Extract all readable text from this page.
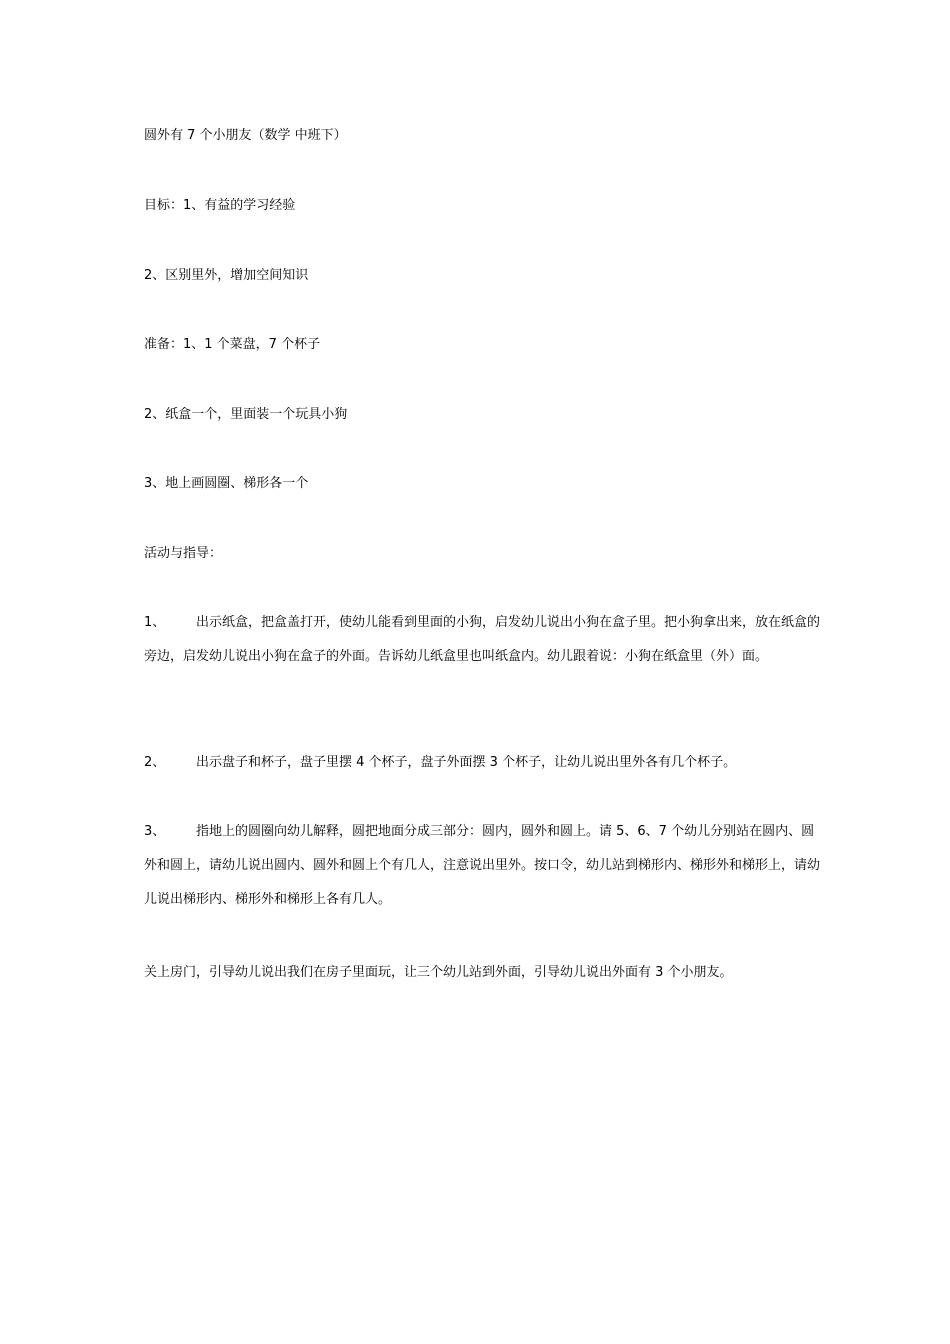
圆外有 7 个小朋友（数学 中班下）
目标：1、有益的学习经验
2、区别里外，增加空间知识
准备：1、1 个菜盘，7 个杯子
2、纸盒一个，里面装一个玩具小狗
3、地上画圆圈、梯形各一个
活动与指导：
1、 出示纸盒，把盒盖打开，使幼儿能看到里面的小狗，启发幼儿说出小狗在盒子里。把小狗拿出来，放在纸盒的旁边，启发幼儿说出小狗在盒子的外面。告诉幼儿纸盒里也叫纸盒内。幼儿跟着说：小狗在纸盒里（外）面。
2、 出示盘子和杯子，盘子里摆 4 个杯子，盘子外面摆 3 个杯子，让幼儿说出里外各有几个杯子。
3、 指地上的圆圈向幼儿解释，圆把地面分成三部分：圆内，圆外和圆上。请 5、6、7 个幼儿分别站在圆内、圆外和圆上，请幼儿说出圆内、圆外和圆上个有几人，注意说出里外。按口令，幼儿站到梯形内、梯形外和梯形上，请幼儿说出梯形内、梯形外和梯形上各有几人。
关上房门，引导幼儿说出我们在房子里面玩，让三个幼儿站到外面，引导幼儿说出外面有 3 个小朋友。
